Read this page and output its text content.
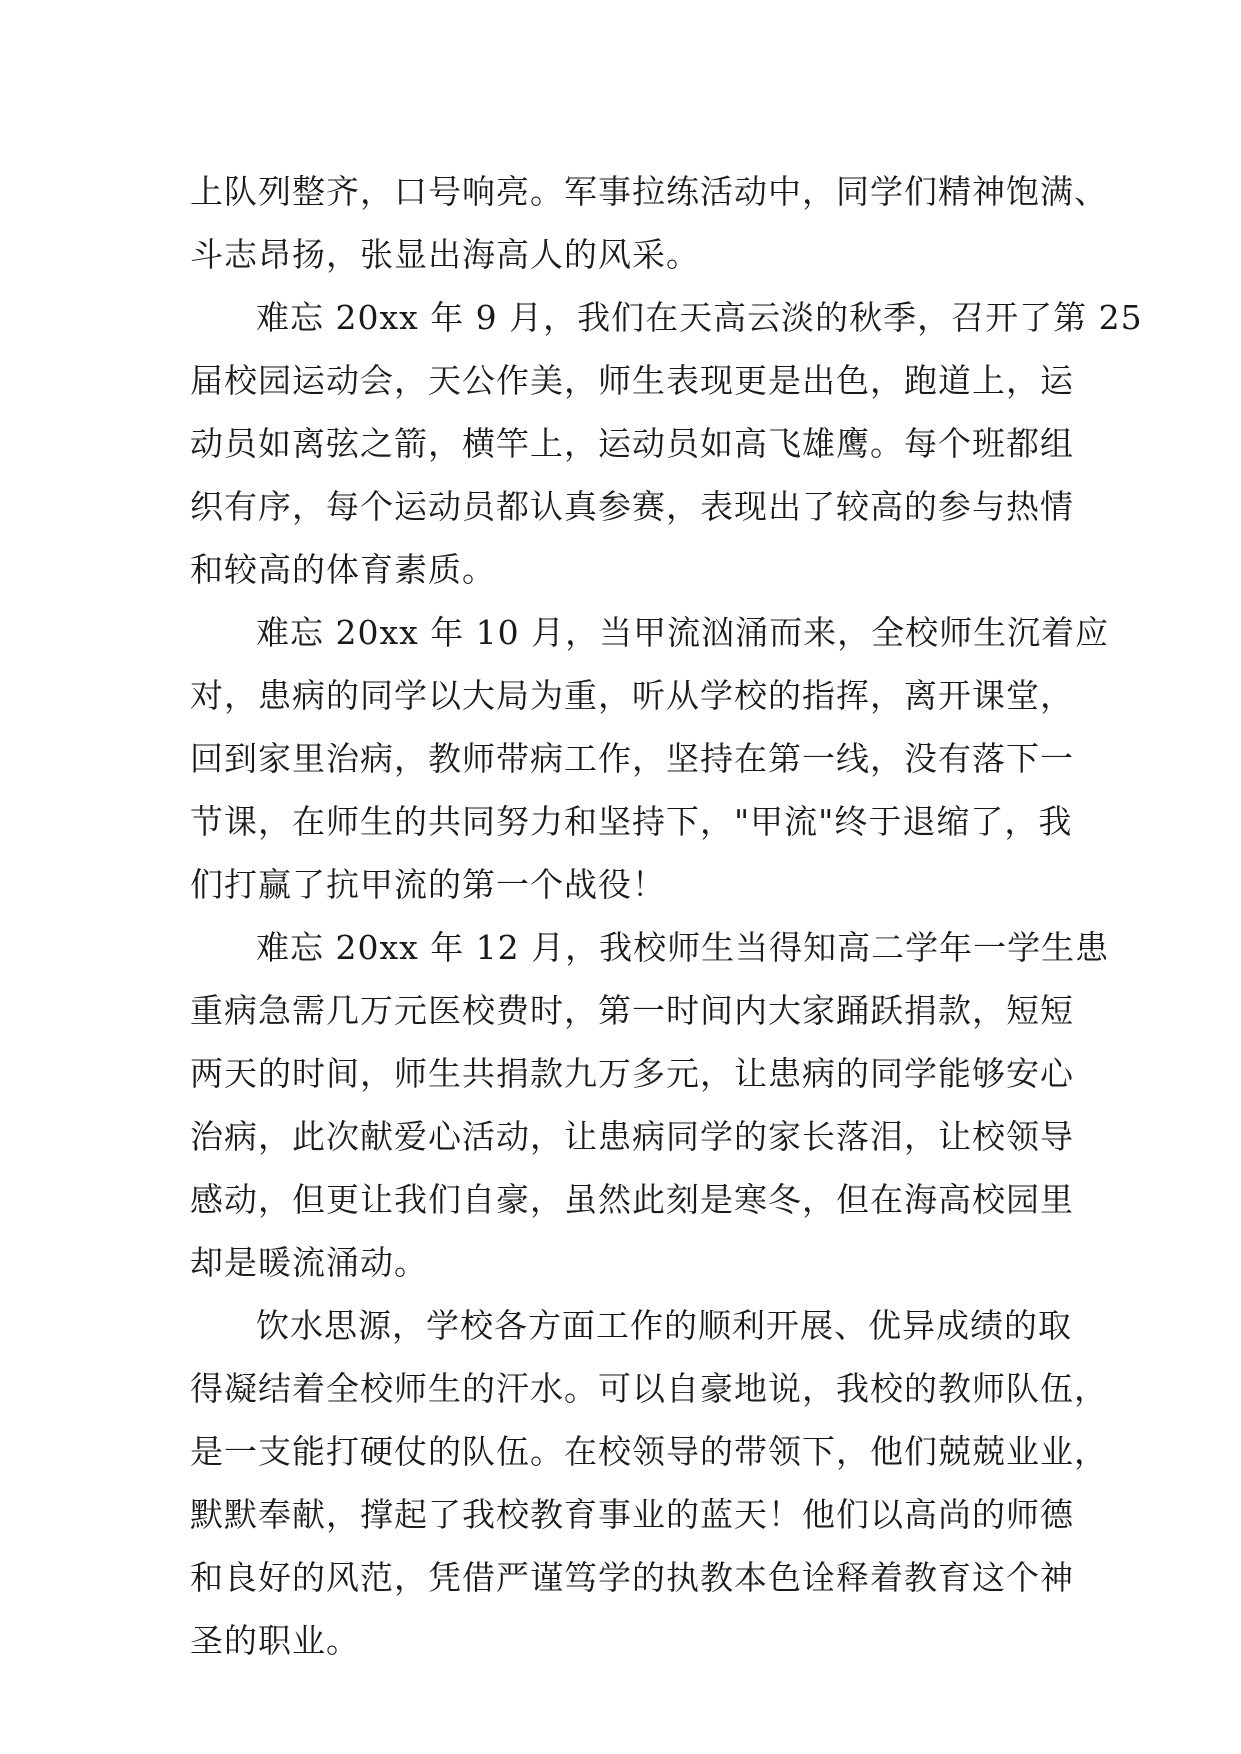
上队列整齐，口号响亮。军事拉练活动中，同学们精神饱满、
斗志昂扬，张显出海高人的风采。
难忘 20xx 年 9 月，我们在天高云淡的秋季，召开了第 25
届校园运动会，天公作美，师生表现更是出色，跑道上，运
动员如离弦之箭，横竿上，运动员如高飞雄鹰。每个班都组
织有序，每个运动员都认真参赛，表现出了较高的参与热情
和较高的体育素质。
难忘 20xx 年 10 月，当甲流汹涌而来，全校师生沉着应
对，患病的同学以大局为重，听从学校的指挥，离开课堂，
回到家里治病，教师带病工作，坚持在第一线，没有落下一
节课，在师生的共同努力和坚持下，"甲流"终于退缩了，我
们打赢了抗甲流的第一个战役！
难忘 20xx 年 12 月，我校师生当得知高二学年一学生患
重病急需几万元医校费时，第一时间内大家踊跃捐款，短短
两天的时间，师生共捐款九万多元，让患病的同学能够安心
治病，此次献爱心活动，让患病同学的家长落泪，让校领导
感动，但更让我们自豪，虽然此刻是寒冬，但在海高校园里
却是暖流涌动。
饮水思源，学校各方面工作的顺利开展、优异成绩的取
得凝结着全校师生的汗水。可以自豪地说，我校的教师队伍，
是一支能打硬仗的队伍。在校领导的带领下，他们兢兢业业，
默默奉献，撑起了我校教育事业的蓝天！他们以高尚的师德
和良好的风范，凭借严谨笃学的执教本色诠释着教育这个神
圣的职业。
